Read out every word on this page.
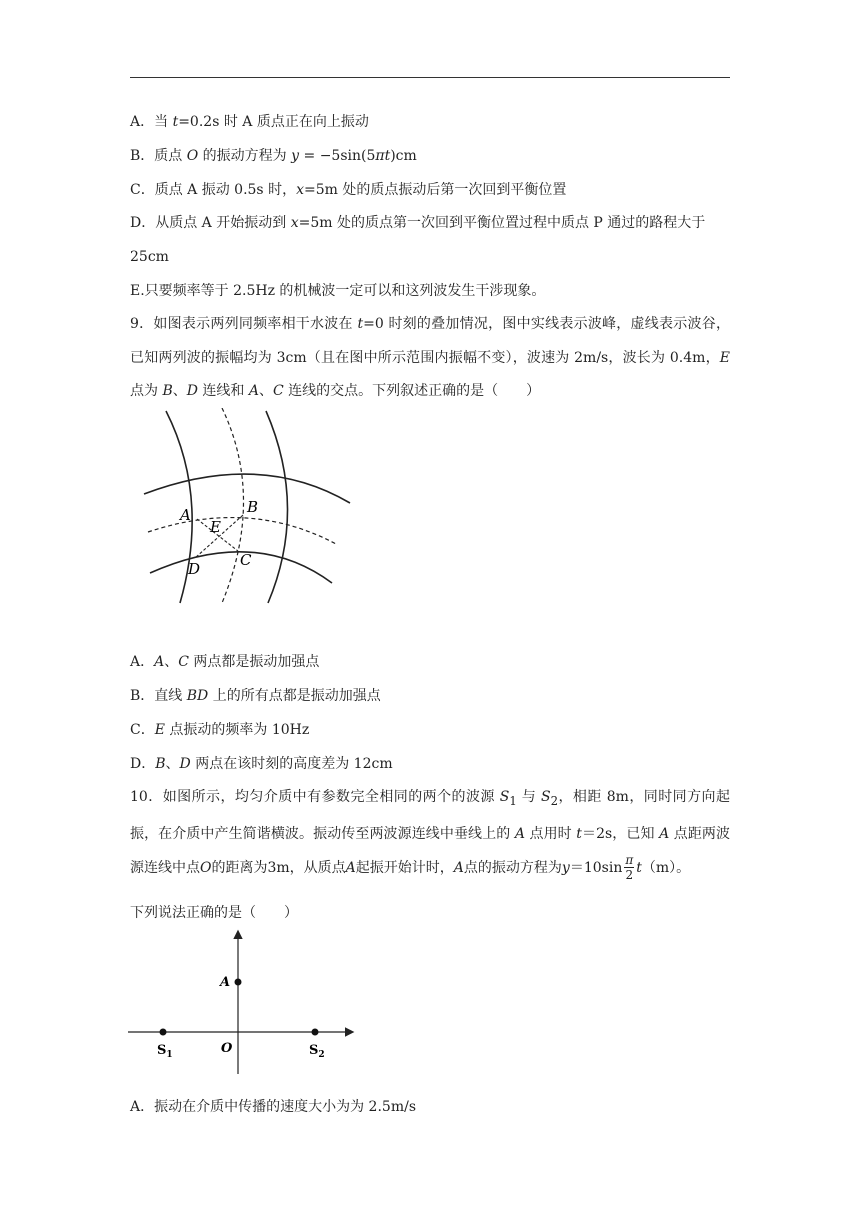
A．当 t=0.2s 时 A 质点正在向上振动
B．质点 O 的振动方程为 y = −5sin(5πt)cm
C．质点 A 振动 0.5s 时，x=5m 处的质点振动后第一次回到平衡位置
D．从质点 A 开始振动到 x=5m 处的质点第一次回到平衡位置过程中质点 P 通过的路程大于
25cm
E.只要频率等于 2.5Hz 的机械波一定可以和这列波发生干涉现象。
9．如图表示两列同频率相干水波在 t=0 时刻的叠加情况，图中实线表示波峰，虚线表示波谷，已知两列波的振幅均为 3cm（且在图中所示范围内振幅不变），波速为 2m/s，波长为 0.4m，E 点为 B、D 连线和 A、C 连线的交点。下列叙述正确的是（　　）
A	B
C
D
E
A．A、C 两点都是振动加强点
B．直线 BD 上的所有点都是振动加强点
C．E 点振动的频率为 10Hz
D．B、D 两点在该时刻的高度差为 12cm
10．如图所示，均匀介质中有参数完全相同的两个的波源 $S_1$ 与 $S_2$，相距 8m，同时同方向起振，在介质中产生简谐横波。振动传至两波源连线中垂线上的 A 点用时 t＝2s，已知 A 点距两波源连线中点O的距离为3m，从质点A起振开始计时，A点的振动方程为$y=10\sin \frac{\pi}{2} t(m)$。
下列说法正确的是（　　）
A
O
$S_1$	$S_2$
A．振动在介质中传播的速度大小为为 2.5m/s
